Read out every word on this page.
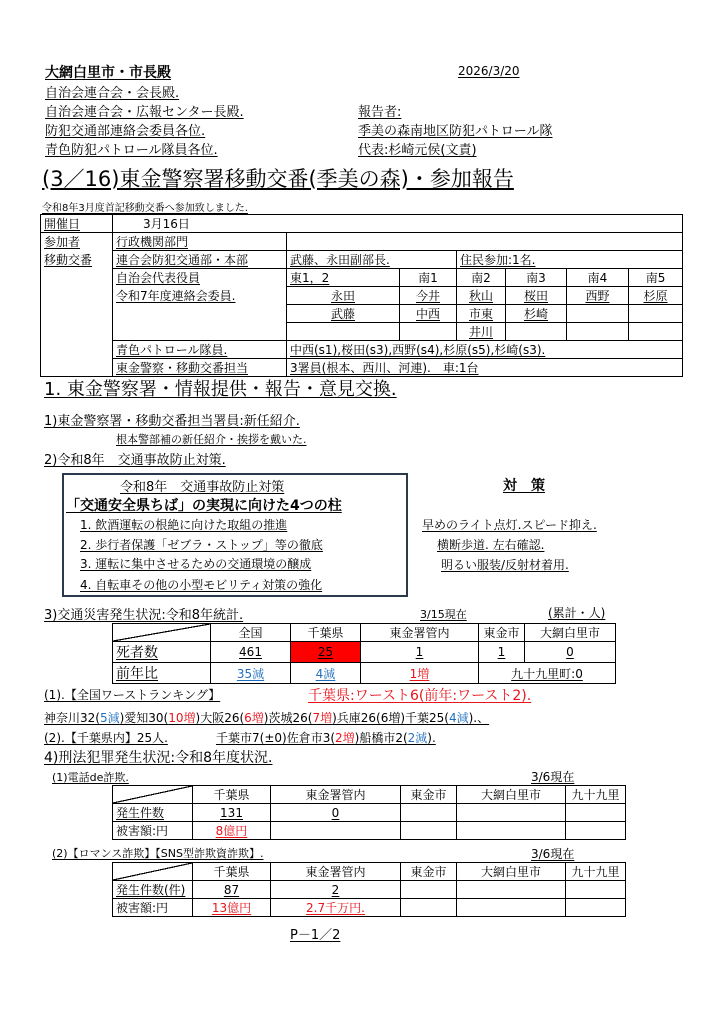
大網白里市・市長殿
自治会連合会・会長殿.
自治会連合会・広報センター長殿.
防犯交通部連絡会委員各位.
青色防犯パトロール隊員各位.
2026/3/20
報告者:
季美の森南地区防犯パトロール隊
代表:杉崎元侯(文責)
(3／16)東金警察署移動交番(季美の森)・参加報告
令和8年3月度首記移動交番へ参加致しました.
開催日	3月16日						
参加者	行政機関部門						
移動交番	連合会防犯交通部・本部	武藤、永田副部長.		住民参加:1名.			
	自治会代表役員	東1，2	南1	南2	南3	南4	南5
	令和7年度連絡会委員.	永田	今井	秋山	桜田	西野	杉原
		武藤	中西	市東	杉崎		
				井川			
	青色パトロール隊員.	中西(s1),桜田(s3),西野(s4),杉原(s5),杉崎(s3).					
	東金警察・移動交番担当	3署員(根本、西川、河連).　車:1台					
1. 東金警察署・情報提供・報告・意見交換.
1)東金警察署・移動交番担当署員:新任紹介.
根本警部補の新任紹介・挨拶を戴いた.
2)令和8年　交通事故防止対策.
令和8年　交通事故防止対策
「交通安全県ちば」の実現に向けた4つの柱
1. 飲酒運転の根絶に向けた取組の推進
2. 歩行者保護「ゼブラ・ストップ」等の徹底
3. 運転に集中させるための交通環境の醸成
4. 自転車その他の小型モビリティ対策の強化
対　策
早めのライト点灯.スピード抑え.
横断歩道. 左右確認.
明るい服装/反射材着用.
3)交通災害発生状況:令和8年統計.	3/15現在	(累計・人)
	全国	千葉県	東金署管内	東金市	大網白里市
死者数	461	25	1	1	0
前年比	35減	4減	1増	九十九里町:0	
(1).【全国ワーストランキング】	千葉県:ワースト6(前年:ワースト2).
神奈川32(5減)愛知30(10増)大阪26(6増)茨城26(7増)兵庫26(6増)千葉25(4減).、
(2).【千葉県内】25人.	千葉市7(±0)佐倉市3(2増)船橋市2(2減).
4)刑法犯罪発生状況:令和8年度状況.
(1)電話de詐欺.	3/6現在
	千葉県	東金署管内	東金市	大網白里市	九十九里
発生件数	131	0			
被害額:円	8億円				
(2)【ロマンス詐欺】【SNS型詐欺資詐欺】.	3/6現在
	千葉県	東金署管内	東金市	大網白里市	九十九里
発生件数(件)	87	2			
被害額:円	13億円	2.7千万円.			
P－1／2
